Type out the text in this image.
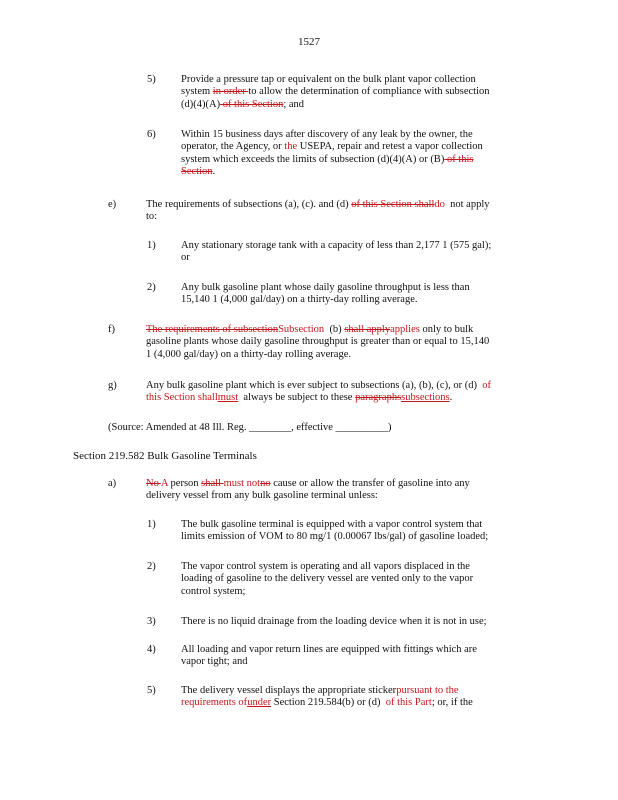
1527
5)	Provide a pressure tap or equivalent on the bulk plant vapor collection
system in order to allow the determination of compliance with subsection
(d)(4)(A) of this Section; and
6)	Within 15 business days after discovery of any leak by the owner, the
operator, the Agency, or the USEPA, repair and retest a vapor collection
system which exceeds the limits of subsection (d)(4)(A) or (B) of this
Section.
e)	The requirements of subsections (a), (c). and (d) of this Section shalldo  not apply
to:
1)	Any stationary storage tank with a capacity of less than 2,177 1 (575 gal);
or
2)	Any bulk gasoline plant whose daily gasoline throughput is less than
15,140 1 (4,000 gal/day) on a thirty-day rolling average.
f)	The requirements of subsectionSubsection  (b) shall applyapplies only to bulk
gasoline plants whose daily gasoline throughput is greater than or equal to 15,140
1 (4,000 gal/day) on a thirty-day rolling average.
g)	Any bulk gasoline plant which is ever subject to subsections (a), (b), (c), or (d)  of
this Section shallmust  always be subject to these paragraphssubsections.
(Source: Amended at 48 Ill. Reg. ________, effective __________)
Section 219.582 Bulk Gasoline Terminals
a)	No A person shall must notno cause or allow the transfer of gasoline into any
delivery vessel from any bulk gasoline terminal unless:
1)	The bulk gasoline terminal is equipped with a vapor control system that
limits emission of VOM to 80 mg/1 (0.00067 lbs/gal) of gasoline loaded;
2)	The vapor control system is operating and all vapors displaced in the
loading of gasoline to the delivery vessel are vented only to the vapor
control system;
3)	There is no liquid drainage from the loading device when it is not in use;
4)	All loading and vapor return lines are equipped with fittings which are
vapor tight; and
5)	The delivery vessel displays the appropriate stickerpursuant to the
requirements ofunder Section 219.584(b) or (d)  of this Part; or, if the
